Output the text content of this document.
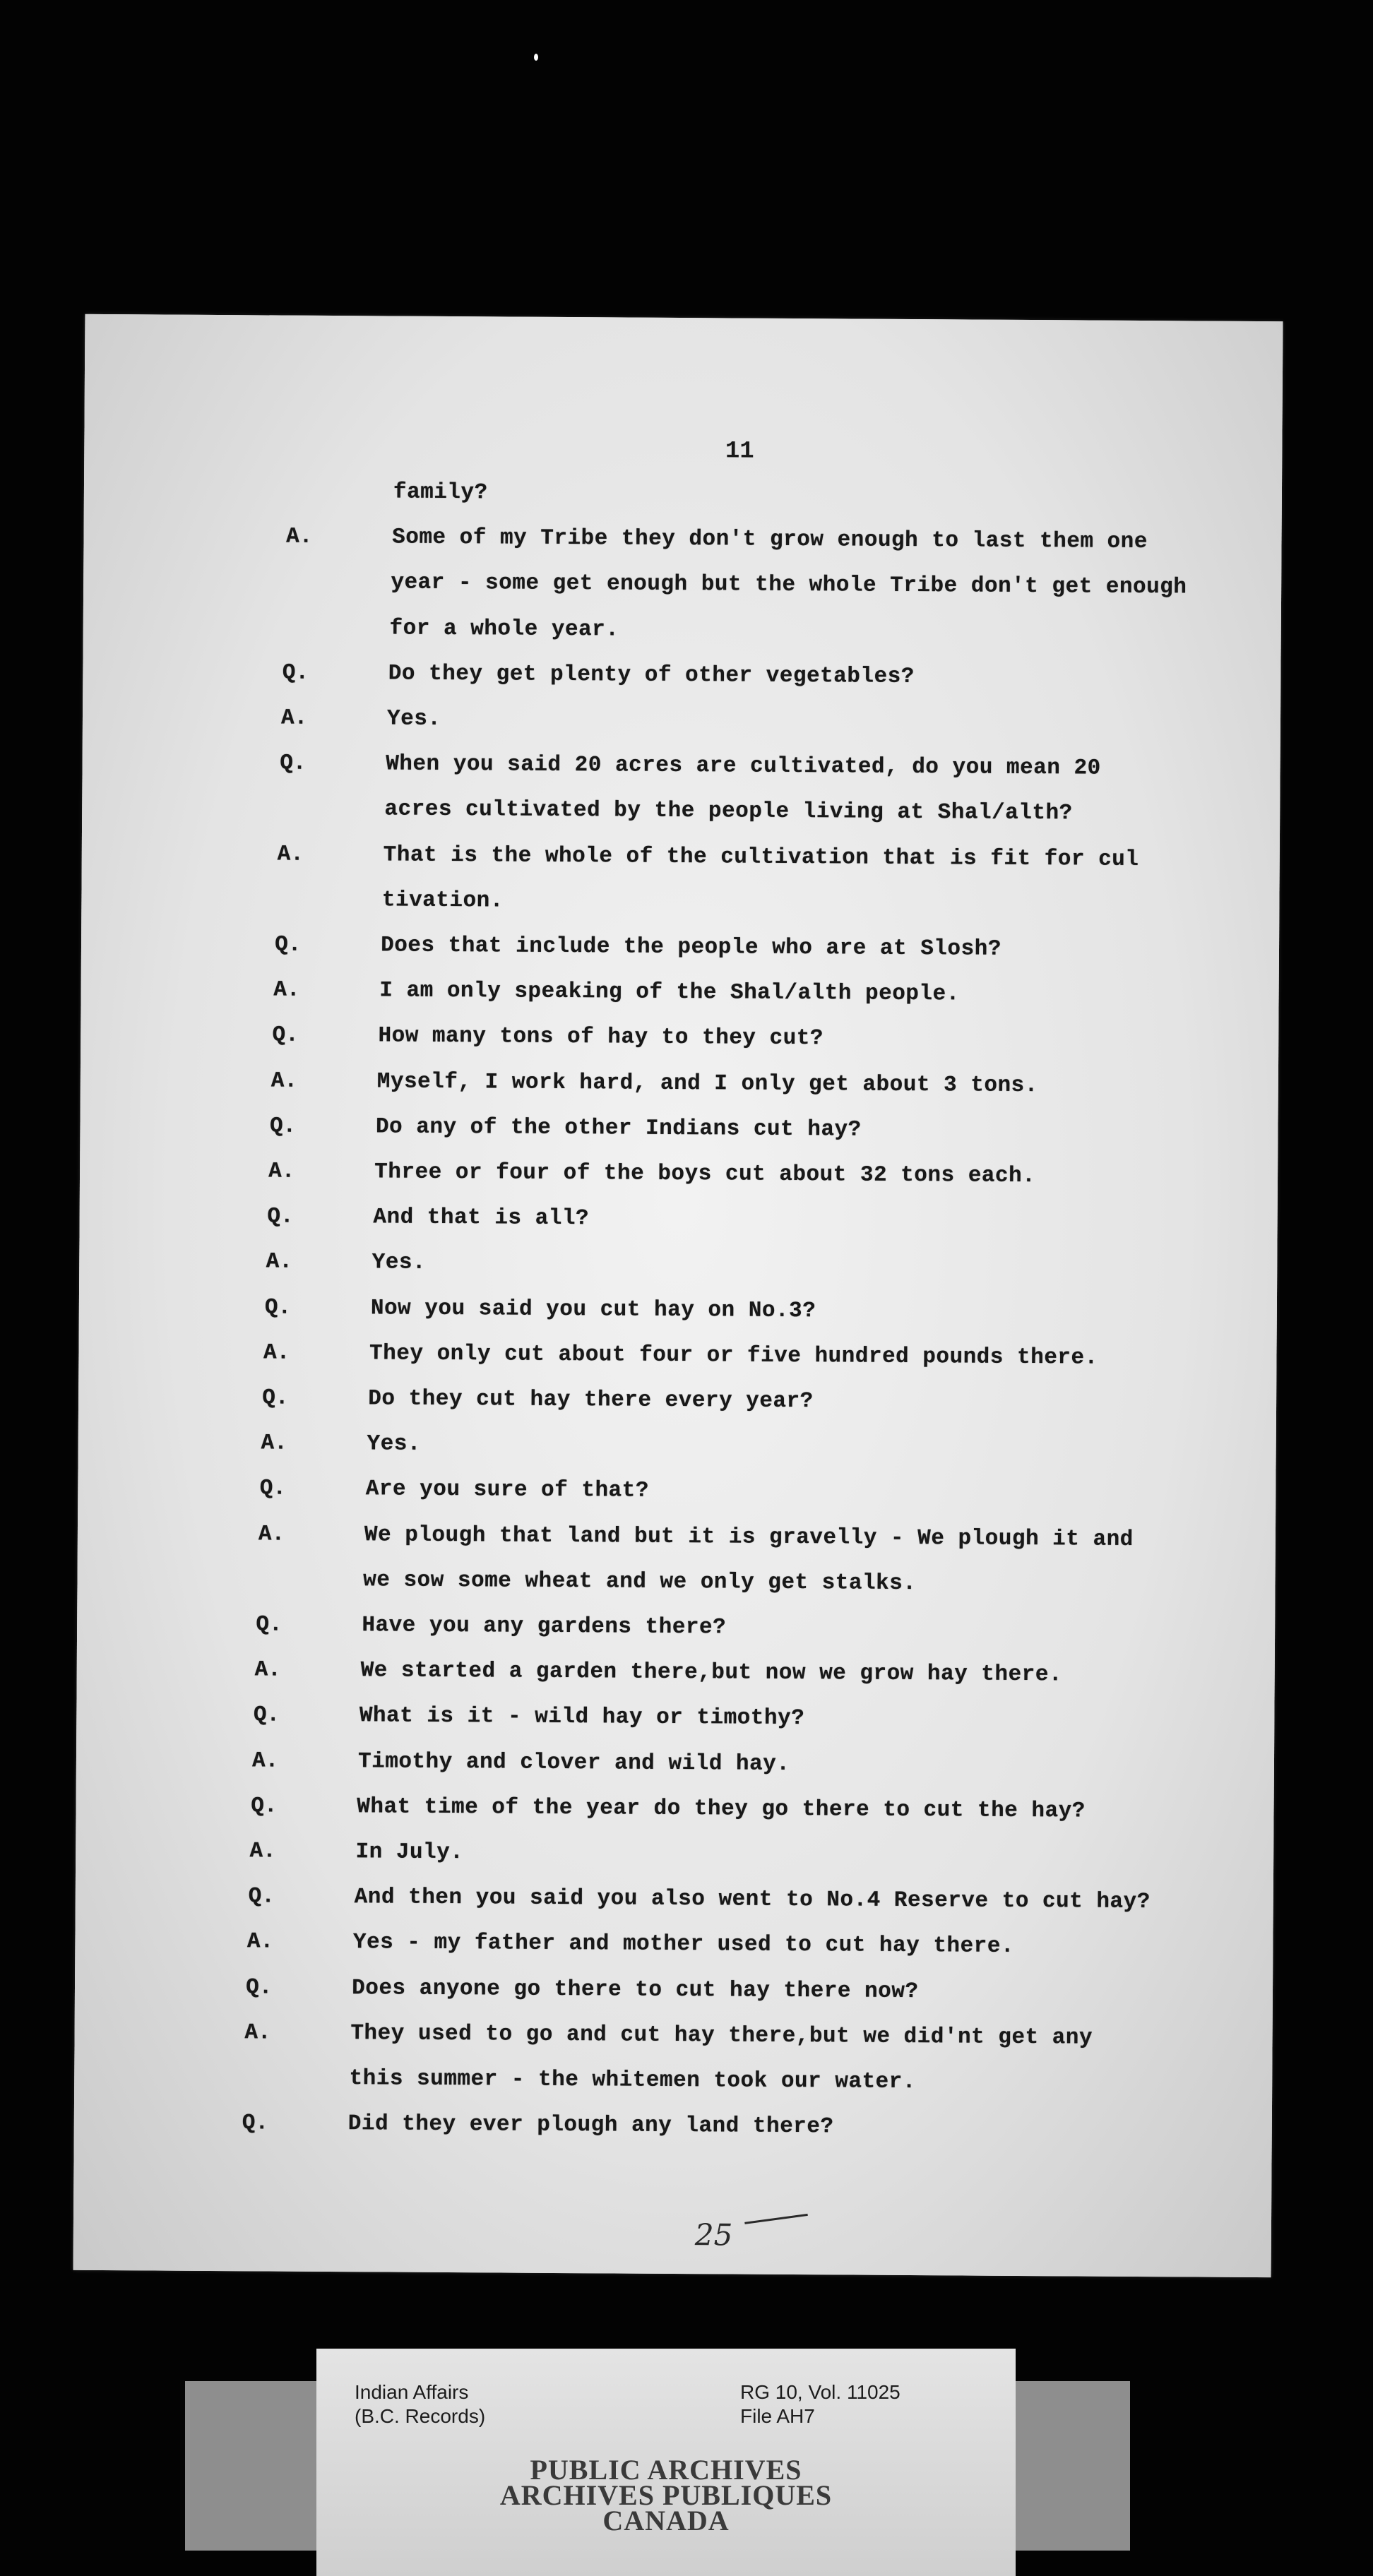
11
family?
A.	Some of my Tribe they don't grow enough to last them one
year - some get enough but the whole Tribe don't get enough
for a whole year.
Q.	Do they get plenty of other vegetables?
A.	Yes.
Q.	When you said 20 acres are cultivated, do you mean 20
acres cultivated by the people living at Shal/alth?
A.	That is the whole of the cultivation that is fit for cul
tivation.
Q.	Does that include the people who are at Slosh?
A.	I am only speaking of the Shal/alth people.
Q.	How many tons of hay to they cut?
A.	Myself, I work hard, and I only get about 3 tons.
Q.	Do any of the other Indians cut hay?
A.	Three or four of the boys cut about 32 tons each.
Q.	And that is all?
A.	Yes.
Q.	Now you said you cut hay on No.3?
A.	They only cut about four or five hundred pounds there.
Q.	Do they cut hay there every year?
A.	Yes.
Q.	Are you sure of that?
A.	We plough that land but it is gravelly - We plough it and
we sow some wheat and we only get stalks.
Q.	Have you any gardens there?
A.	We started a garden there,but now we grow hay there.
Q.	What is it - wild hay or timothy?
A.	Timothy and clover and wild hay.
Q.	What time of the year do they go there to cut the hay?
A.	In July.
Q.	And then you said you also went to No.4 Reserve to cut hay?
A.	Yes - my father and mother used to cut hay there.
Q.	Does anyone go there to cut hay there now?
A.	They used to go and cut hay there,but we did'nt get any
this summer - the whitemen took our water.
Q.	Did they ever plough any land there?
25
Indian Affairs
(B.C. Records)
RG 10, Vol. 11025
File AH7
PUBLIC ARCHIVES
ARCHIVES PUBLIQUES
CANADA
